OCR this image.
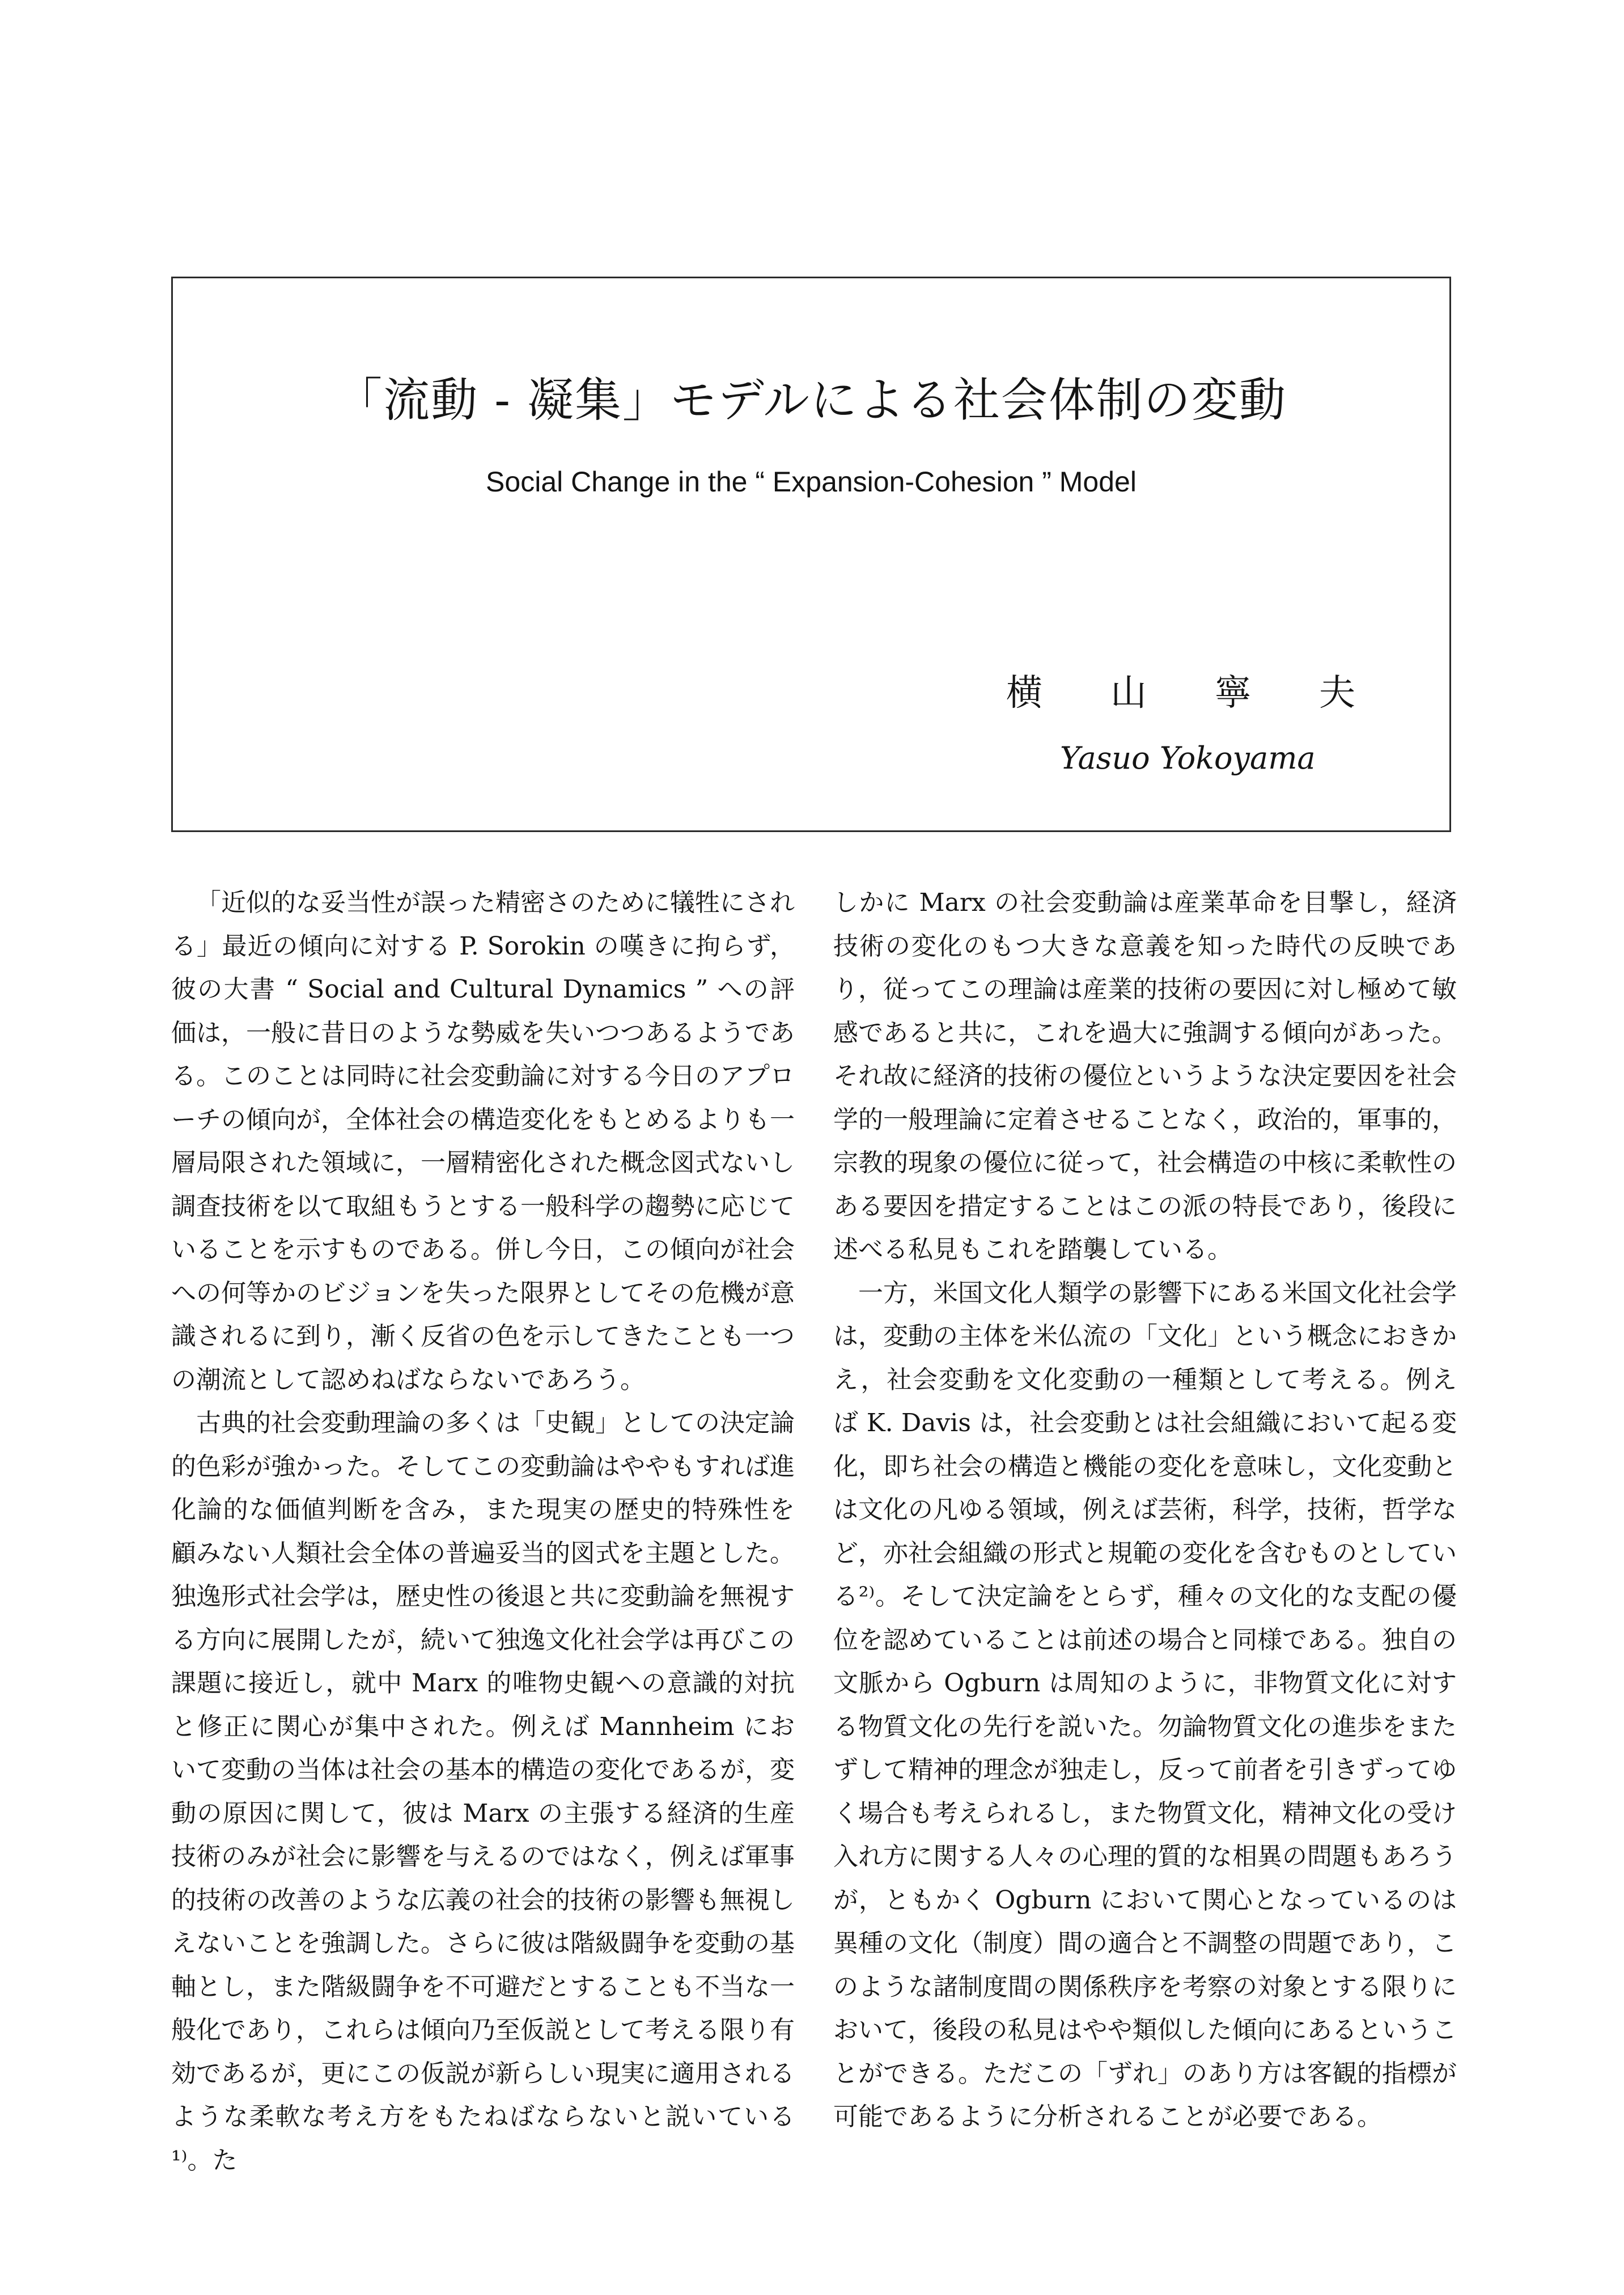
「流動 - 凝集」モデルによる社会体制の変動
Social Change in the “ Expansion-Cohesion ” Model
横山寧夫
Yasuo Yokoyama

「近似的な妥当性が誤った精密さのために犠牲にされる」最近の傾向に対する P. Sorokin の嘆きに拘らず，彼の大書 “ Social and Cultural Dynamics ” への評価は，一般に昔日のような勢威を失いつつあるようである。このことは同時に社会変動論に対する今日のアプローチの傾向が，全体社会の構造変化をもとめるよりも一層局限された領域に，一層精密化された概念図式ないし調査技術を以て取組もうとする一般科学の趨勢に応じていることを示すものである。併し今日，この傾向が社会への何等かのビジョンを失った限界としてその危機が意識されるに到り，漸く反省の色を示してきたことも一つの潮流として認めねばならないであろう。

古典的社会変動理論の多くは「史観」としての決定論的色彩が強かった。そしてこの変動論はややもすれば進化論的な価値判断を含み，また現実の歴史的特殊性を顧みない人類社会全体の普遍妥当的図式を主題とした。独逸形式社会学は，歴史性の後退と共に変動論を無視する方向に展開したが，続いて独逸文化社会学は再びこの課題に接近し，就中 Marx 的唯物史観への意識的対抗と修正に関心が集中された。例えば Mannheim において変動の当体は社会の基本的構造の変化であるが，変動の原因に関して，彼は Marx の主張する経済的生産技術のみが社会に影響を与えるのではなく，例えば軍事的技術の改善のような広義の社会的技術の影響も無視しえないことを強調した。さらに彼は階級闘争を変動の基軸とし，また階級闘争を不可避だとすることも不当な一般化であり，これらは傾向乃至仮説として考える限り有効であるが，更にこの仮説が新らしい現実に適用されるような柔軟な考え方をもたねばならないと説いている¹⁾。た

しかに Marx の社会変動論は産業革命を目撃し，経済技術の変化のもつ大きな意義を知った時代の反映であり，従ってこの理論は産業的技術の要因に対し極めて敏感であると共に，これを過大に強調する傾向があった。それ故に経済的技術の優位というような決定要因を社会学的一般理論に定着させることなく，政治的，軍事的，宗教的現象の優位に従って，社会構造の中核に柔軟性のある要因を措定することはこの派の特長であり，後段に述べる私見もこれを踏襲している。

一方，米国文化人類学の影響下にある米国文化社会学は，変動の主体を米仏流の「文化」という概念におきかえ，社会変動を文化変動の一種類として考える。例えば K. Davis は，社会変動とは社会組織において起る変化，即ち社会の構造と機能の変化を意味し，文化変動とは文化の凡ゆる領域，例えば芸術，科学，技術，哲学など，亦社会組織の形式と規範の変化を含むものとしている²⁾。そして決定論をとらず，種々の文化的な支配の優位を認めていることは前述の場合と同様である。独自の文脈から Ogburn は周知のように，非物質文化に対する物質文化の先行を説いた。勿論物質文化の進歩をまたずして精神的理念が独走し，反って前者を引きずってゆく場合も考えられるし，また物質文化，精神文化の受け入れ方に関する人々の心理的質的な相異の問題もあろうが，ともかく Ogburn において関心となっているのは異種の文化（制度）間の適合と不調整の問題であり，このような諸制度間の関係秩序を考察の対象とする限りにおいて，後段の私見はやや類似した傾向にあるということができる。ただこの「ずれ」のあり方は客観的指標が可能であるように分析されることが必要である。
